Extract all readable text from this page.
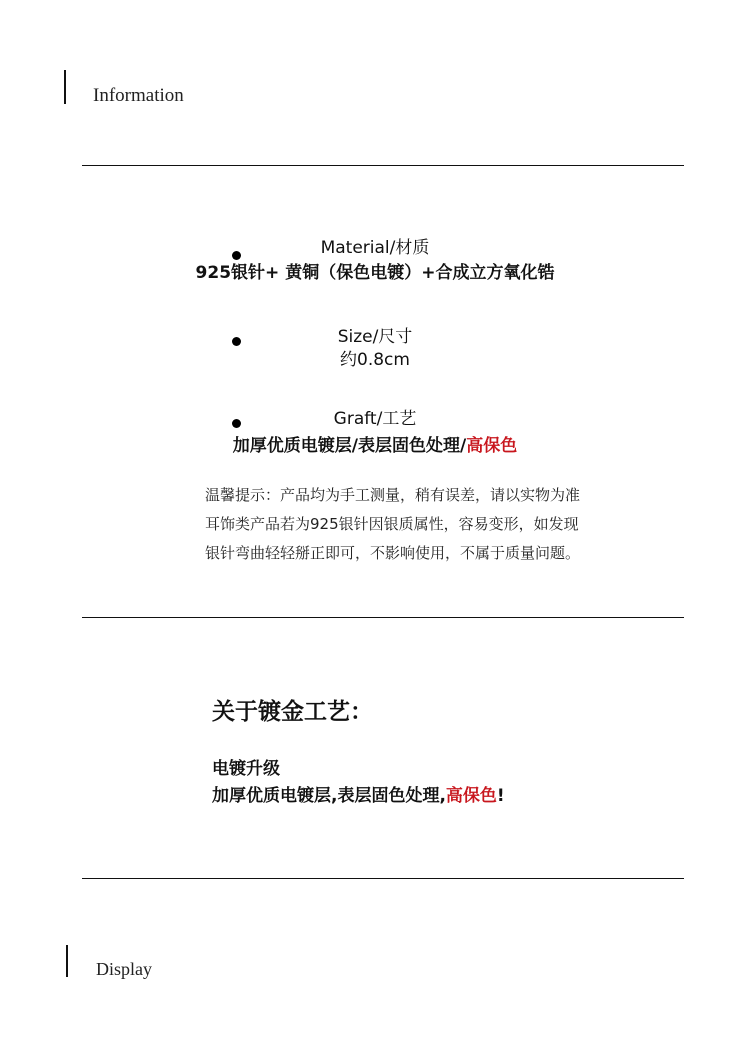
Information
Material/材质
925银针+ 黄铜（保色电镀）+合成立方氧化锆
Size/尺寸
约0.8cm
Graft/工艺
加厚优质电镀层/表层固色处理/高保色
温馨提示：产品均为手工测量，稍有误差，请以实物为准
耳饰类产品若为925银针因银质属性，容易变形，如发现
银针弯曲轻轻掰正即可，不影响使用，不属于质量问题。
关于镀金工艺：
电镀升级
加厚优质电镀层,表层固色处理,高保色!
Display
